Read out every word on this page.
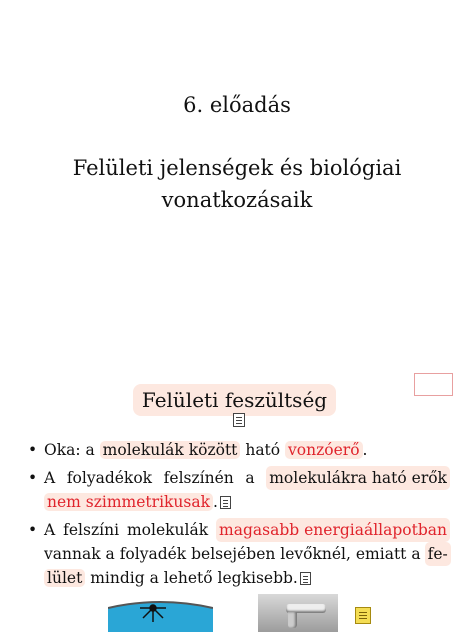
6. előadás
Felületi jelenségek és biológiai
vonatkozásaik
Felületi feszültség
• Oka: a molekulák között ható vonzóerő .
• A folyadékok felszínén a molekulákra ható erők
nem szimmetrikusak .
• A felszíni molekulák magasabb energiaállapotban
vannak a folyadék belsejében levőknél, emiatt a fe-
lület mindig a lehető legkisebb.
